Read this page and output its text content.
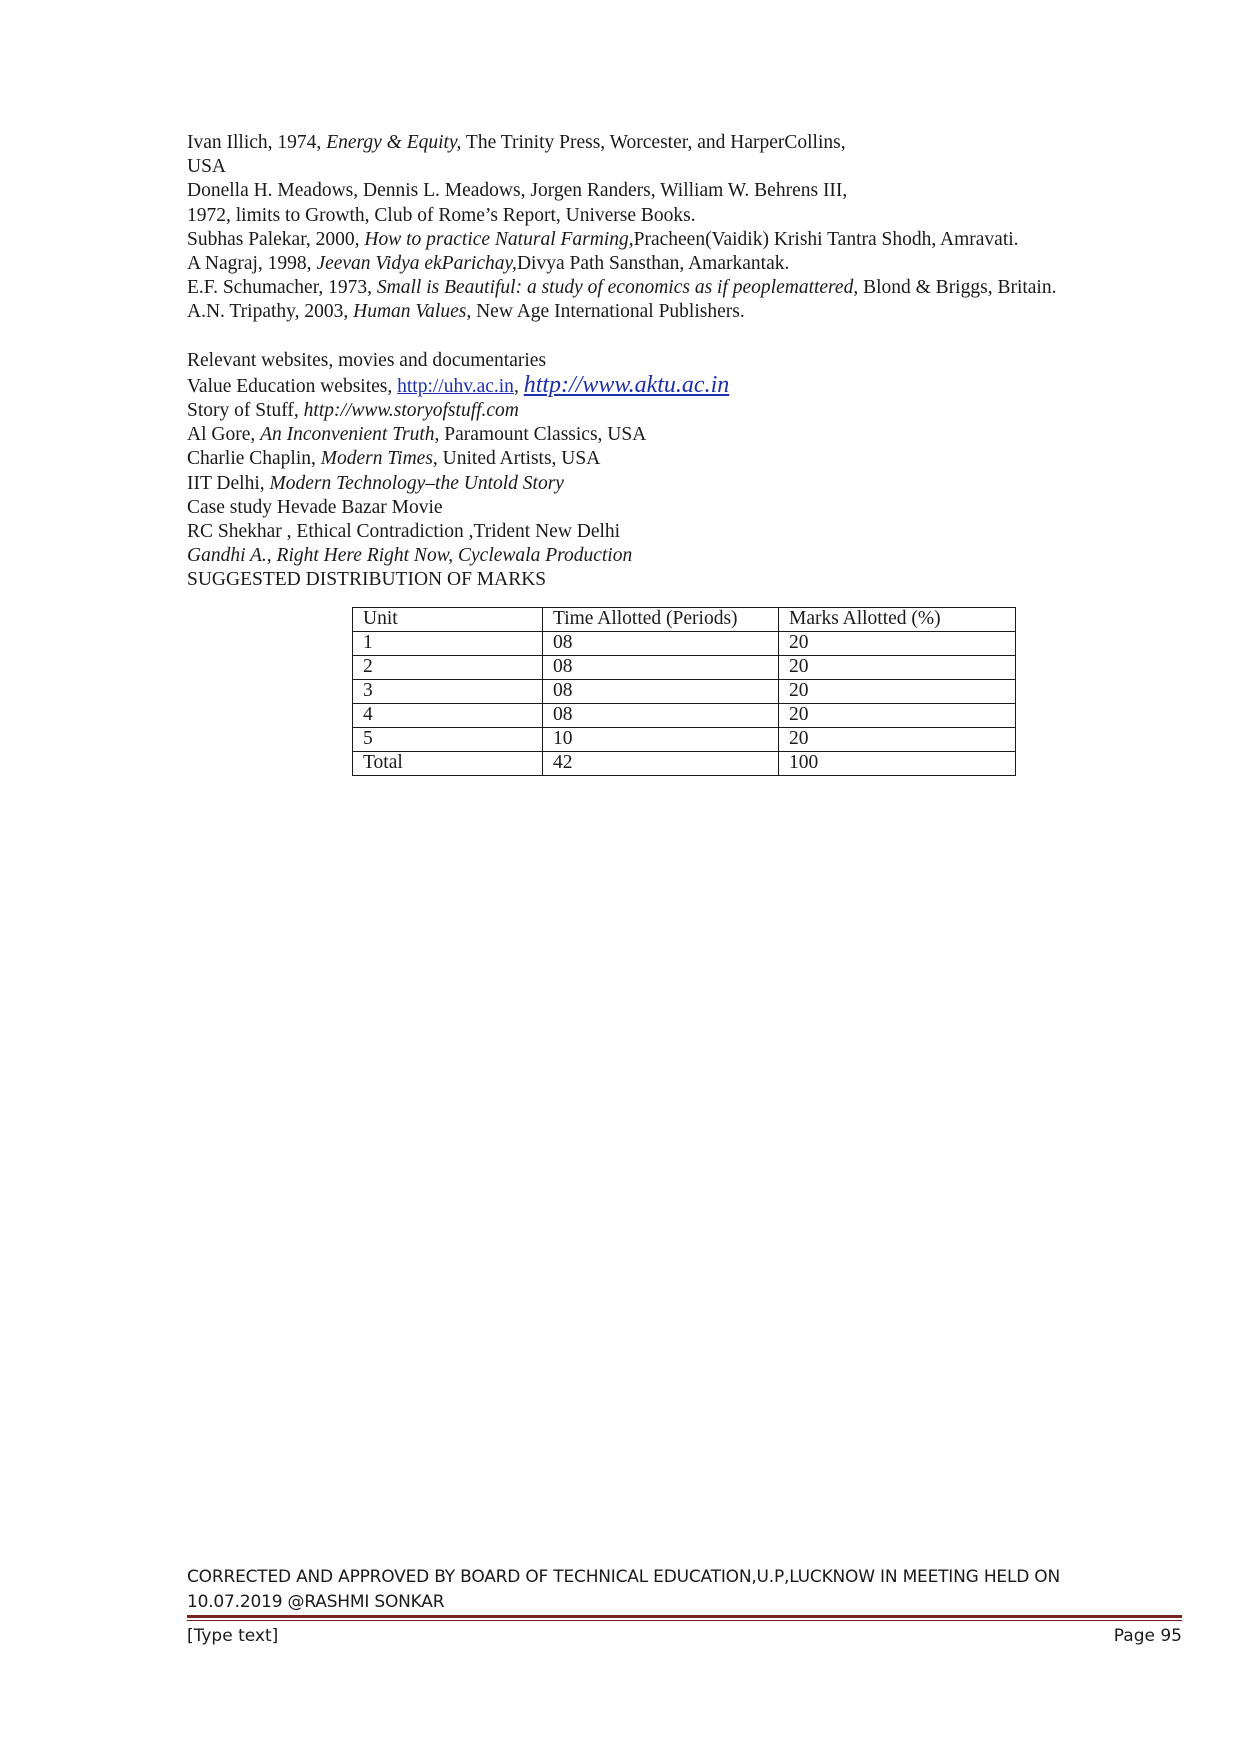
Ivan Illich, 1974, Energy & Equity, The Trinity Press, Worcester, and HarperCollins,
USA
Donella H. Meadows, Dennis L. Meadows, Jorgen Randers, William W. Behrens III,
1972, limits to Growth, Club of Rome’s Report, Universe Books.
Subhas Palekar, 2000, How to practice Natural Farming,Pracheen(Vaidik) Krishi Tantra Shodh, Amravati.
A Nagraj, 1998, Jeevan Vidya ekParichay,Divya Path Sansthan, Amarkantak.
E.F. Schumacher, 1973, Small is Beautiful: a study of economics as if peoplemattered, Blond & Briggs, Britain.
A.N. Tripathy, 2003, Human Values, New Age International Publishers.
Relevant websites, movies and documentaries
Value Education websites, http://uhv.ac.in, http://www.aktu.ac.in
Story of Stuff, http://www.storyofstuff.com
Al Gore, An Inconvenient Truth, Paramount Classics, USA
Charlie Chaplin, Modern Times, United Artists, USA
IIT Delhi, Modern Technology–the Untold Story
Case study Hevade Bazar Movie
RC Shekhar , Ethical Contradiction ,Trident New Delhi
Gandhi A., Right Here Right Now, Cyclewala Production
SUGGESTED DISTRIBUTION OF MARKS
Unit	Time Allotted (Periods)	Marks Allotted (%)
1	08	20
2	08	20
3	08	20
4	08	20
5	10	20
Total	42	100
CORRECTED AND APPROVED BY BOARD OF TECHNICAL EDUCATION,U.P,LUCKNOW IN MEETING HELD ON
10.07.2019 @RASHMI SONKAR
[Type text]	Page 95
